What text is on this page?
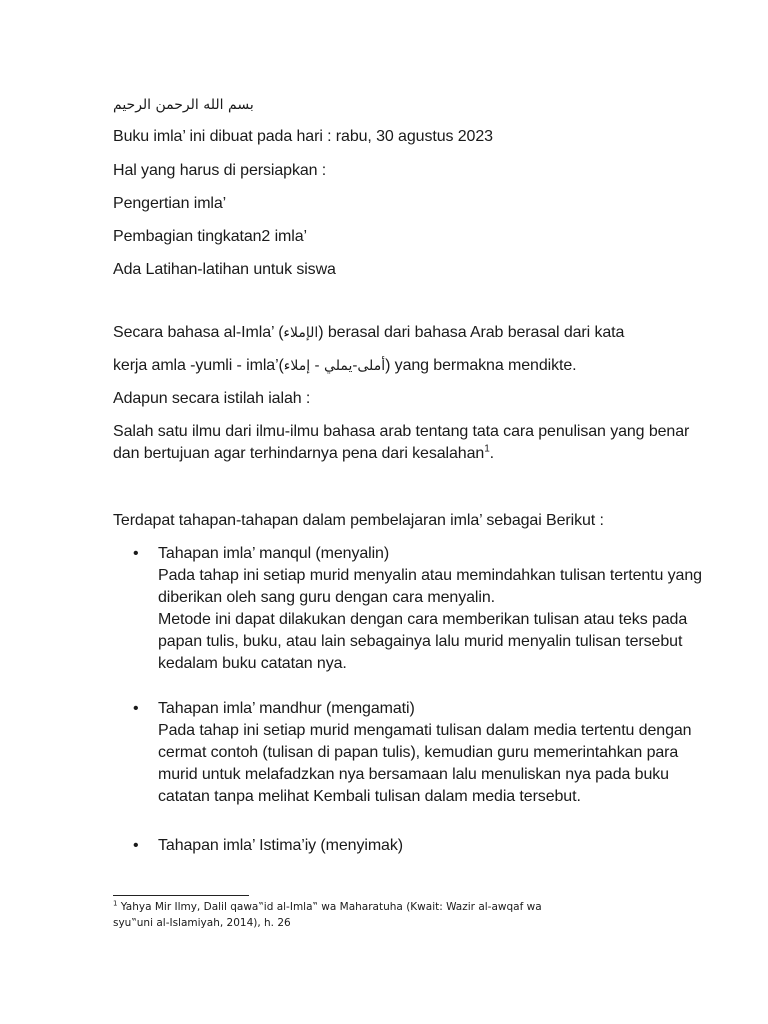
بسم الله الرحمن الرحيم

Buku imla’ ini dibuat pada hari : rabu, 30 agustus 2023

Hal yang harus di persiapkan :

Pengertian imla’

Pembagian tingkatan2 imla’

Ada Latihan-latihan untuk siswa

Secara bahasa al-Imla’ (الإملاء) berasal dari bahasa Arab berasal dari kata

kerja amla -yumli - imla’(أملى-يملي - إملاء) yang bermakna mendikte.

Adapun secara istilah ialah :

Salah satu ilmu dari ilmu-ilmu bahasa arab tentang tata cara penulisan yang benar

dan bertujuan agar terhindarnya pena dari kesalahan$^1$.

Terdapat tahapan-tahapan dalam pembelajaran imla’ sebagai Berikut :

• Tahapan imla’ manqul (menyalin)

Pada tahap ini setiap murid menyalin atau memindahkan tulisan tertentu yang

diberikan oleh sang guru dengan cara menyalin.

Metode ini dapat dilakukan dengan cara memberikan tulisan atau teks pada

papan tulis, buku, atau lain sebagainya lalu murid menyalin tulisan tersebut

kedalam buku catatan nya.

• Tahapan imla’ mandhur (mengamati)

Pada tahap ini setiap murid mengamati tulisan dalam media tertentu dengan

cermat contoh (tulisan di papan tulis), kemudian guru memerintahkan para

murid untuk melafadzkan nya bersamaan lalu menuliskan nya pada buku

catatan tanpa melihat Kembali tulisan dalam media tersebut.

• Tahapan imla’ Istima’iy (menyimak)

$^1$ Yahya Mir Ilmy, Dalil qawa‟id al-Imla‟ wa Maharatuha (Kwait: Wazir al-awqaf wa

syu‟uni al-Islamiyah, 2014), h. 26
